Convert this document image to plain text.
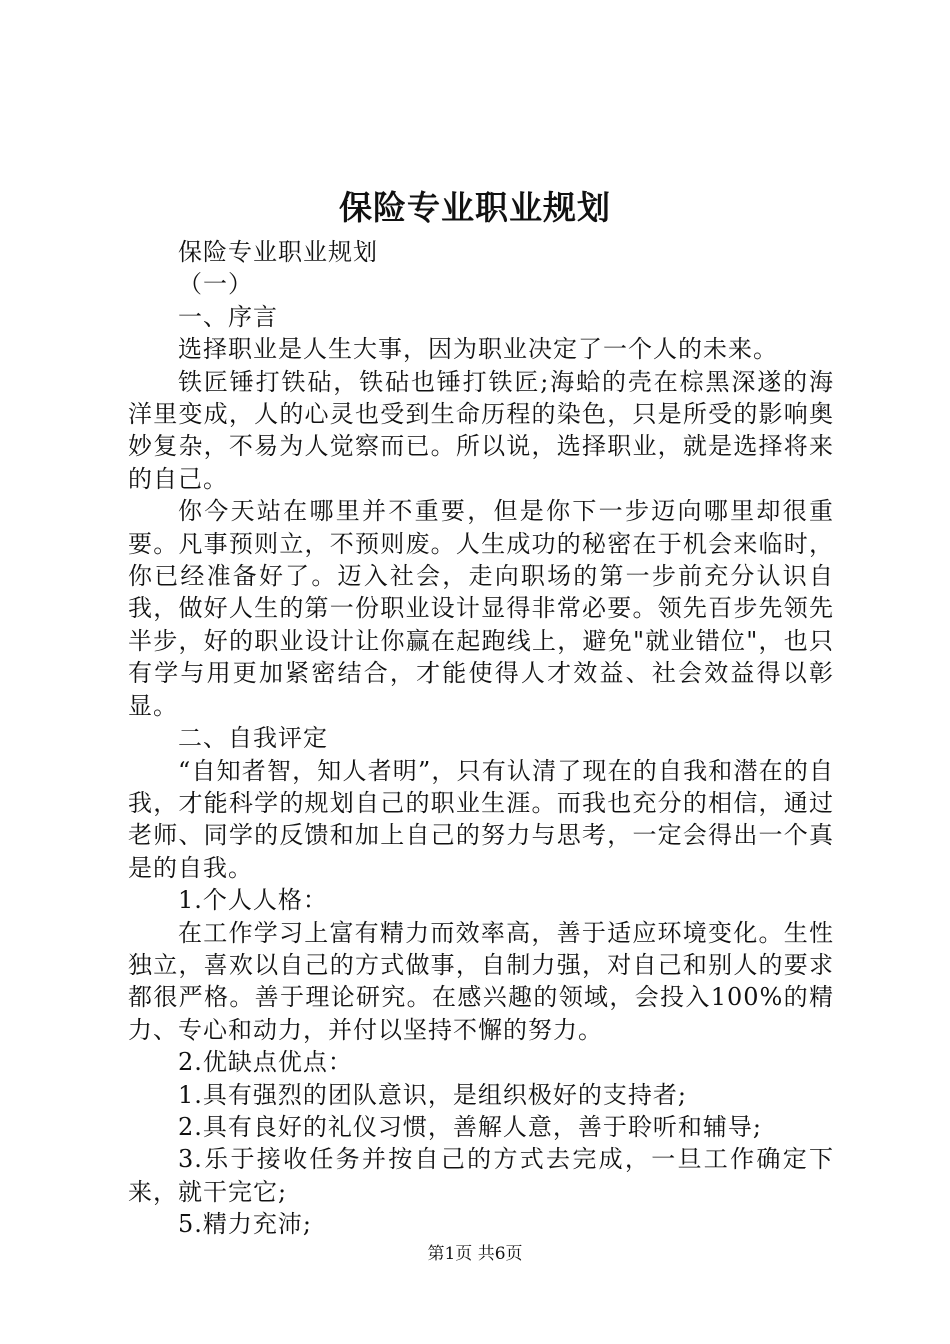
保险专业职业规划

保险专业职业规划

（一）

一、序言

选择职业是人生大事，因为职业决定了一个人的未来。

铁匠锤打铁砧，铁砧也锤打铁匠;海蛤的壳在棕黑深遂的海洋里变成，人的心灵也受到生命历程的染色，只是所受的影响奥妙复杂，不易为人觉察而已。所以说，选择职业，就是选择将来的自己。

你今天站在哪里并不重要，但是你下一步迈向哪里却很重要。凡事预则立，不预则废。人生成功的秘密在于机会来临时，你已经准备好了。迈入社会，走向职场的第一步前充分认识自我，做好人生的第一份职业设计显得非常必要。领先百步先领先半步，好的职业设计让你赢在起跑线上，避免"就业错位"，也只有学与用更加紧密结合，才能使得人才效益、社会效益得以彰显。

二、自我评定

“自知者智，知人者明”，只有认清了现在的自我和潜在的自我，才能科学的规划自己的职业生涯。而我也充分的相信，通过老师、同学的反馈和加上自己的努力与思考，一定会得出一个真是的自我。

1.个人人格：

在工作学习上富有精力而效率高，善于适应环境变化。生性独立，喜欢以自己的方式做事，自制力强，对自己和别人的要求都很严格。善于理论研究。在感兴趣的领域，会投入100%的精力、专心和动力，并付以坚持不懈的努力。

2.优缺点优点：

1.具有强烈的团队意识，是组织极好的支持者;

2.具有良好的礼仪习惯，善解人意，善于聆听和辅导;

3.乐于接收任务并按自己的方式去完成，一旦工作确定下来，就干完它;

5.精力充沛;

第1页 共6页
